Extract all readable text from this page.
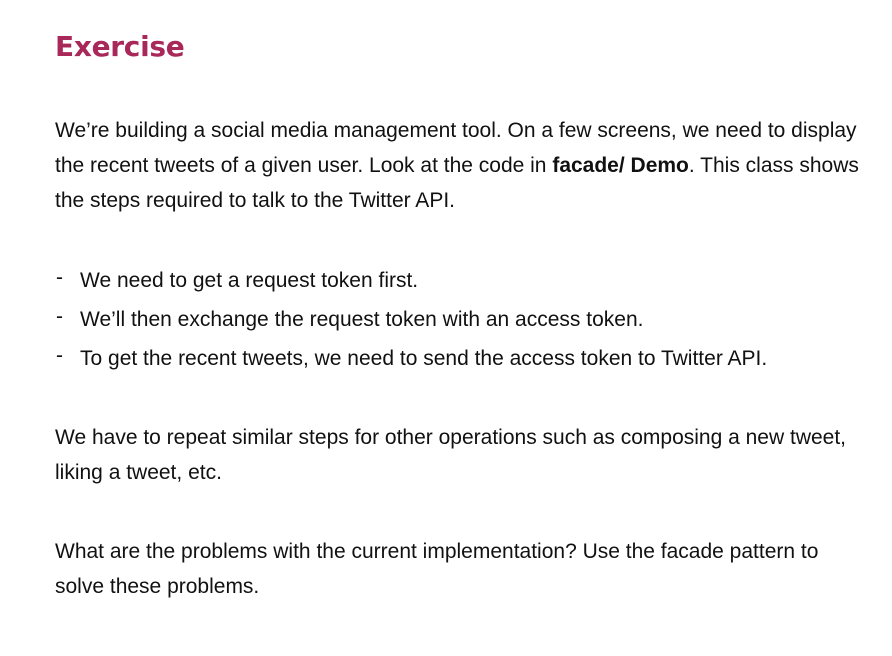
Exercise

We’re building a social media management tool. On a few screens, we need to display the recent tweets of a given user. Look at the code in facade/ Demo. This class shows the steps required to talk to the Twitter API.

- We need to get a request token first.
- We’ll then exchange the request token with an access token.
- To get the recent tweets, we need to send the access token to Twitter API.

We have to repeat similar steps for other operations such as composing a new tweet, liking a tweet, etc.

What are the problems with the current implementation? Use the facade pattern to solve these problems.
